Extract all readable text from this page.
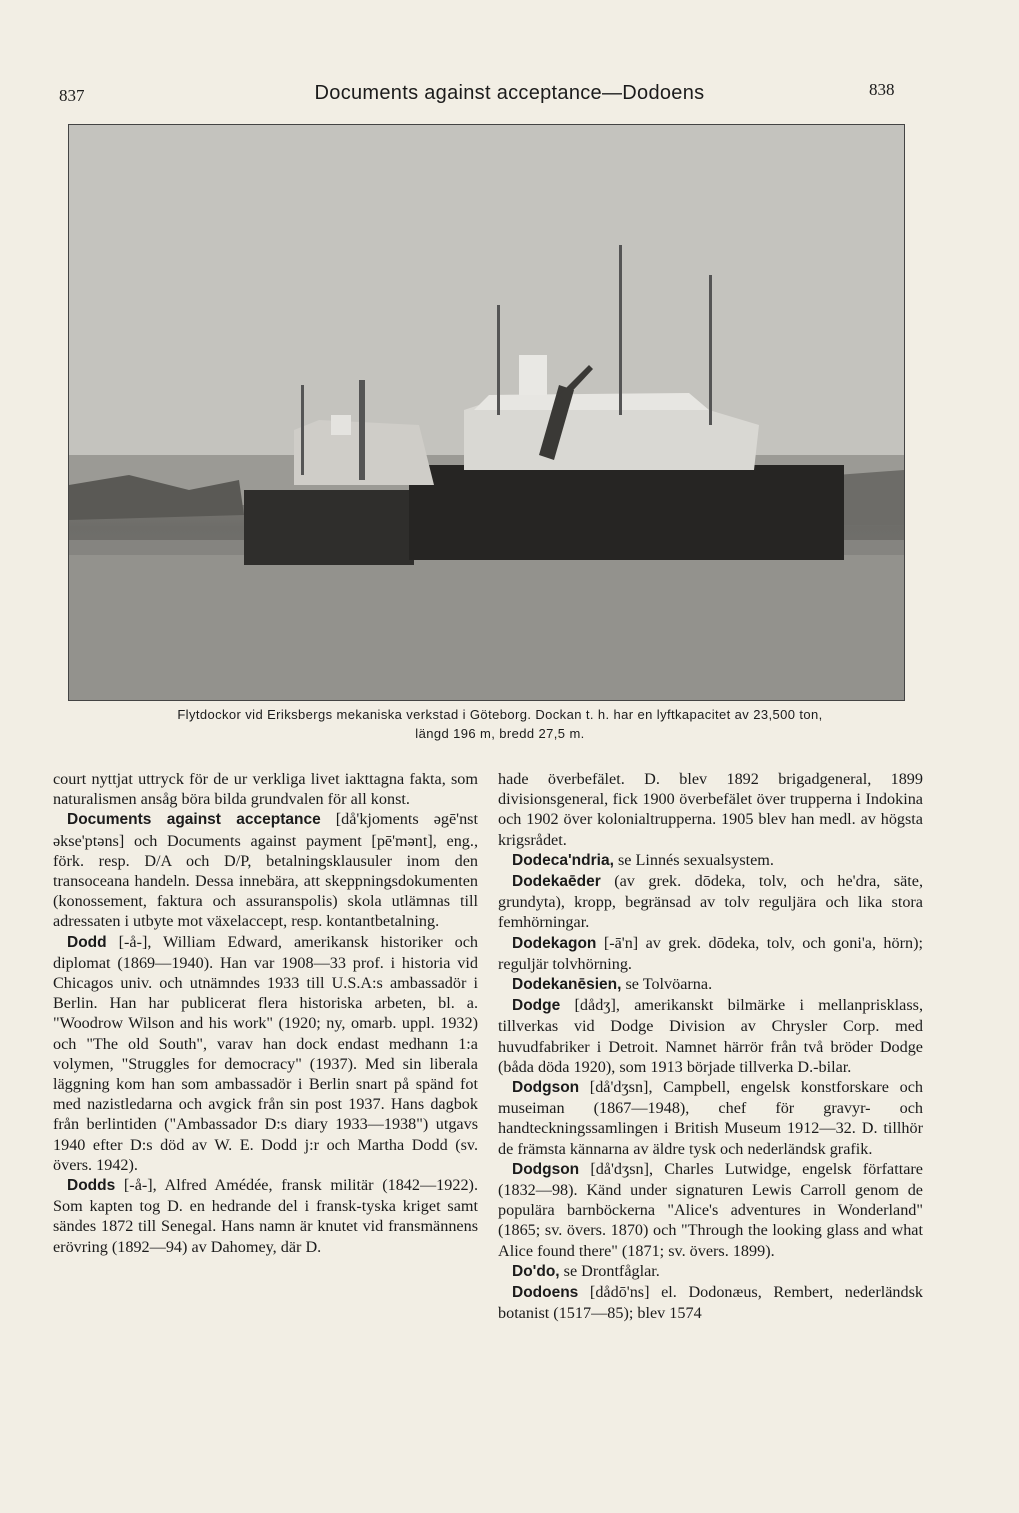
837	Documents against acceptance—Dodoens	838
Flytdockor vid Eriksbergs mekaniska verkstad i Göteborg. Dockan t. h. har en lyftkapacitet av 23,500 ton,
längd 196 m, bredd 27,5 m.

court nyttjat uttryck för de ur verkliga livet iakttagna fakta, som naturalismen ansåg böra bilda grundvalen för all konst.

Documents against acceptance [då'kjoments əgē'nst əkse'ptəns] och Documents against payment [pē'mənt], eng., förk. resp. D/A och D/P, betalningsklausuler inom den transoceana handeln. Dessa innebära, att skeppningsdokumenten (konossement, faktura och assuranspolis) skola utlämnas till adressaten i utbyte mot växelaccept, resp. kontantbetalning.

Dodd [-å-], William Edward, amerikansk historiker och diplomat (1869—1940). Han var 1908—33 prof. i historia vid Chicagos univ. och utnämndes 1933 till U.S.A:s ambassadör i Berlin. Han har publicerat flera historiska arbeten, bl. a. "Woodrow Wilson and his work" (1920; ny, omarb. uppl. 1932) och "The old South", varav han dock endast medhann 1:a volymen, "Struggles for democracy" (1937). Med sin liberala läggning kom han som ambassadör i Berlin snart på spänd fot med nazistledarna och avgick från sin post 1937. Hans dagbok från berlintiden ("Ambassador D:s diary 1933—1938") utgavs 1940 efter D:s död av W. E. Dodd j:r och Martha Dodd (sv. övers. 1942).

Dodds [-å-], Alfred Amédée, fransk militär (1842—1922). Som kapten tog D. en hedrande del i fransk-tyska kriget samt sändes 1872 till Senegal. Hans namn är knutet vid fransmännens erövring (1892—94) av Dahomey, där D.

hade överbefälet. D. blev 1892 brigadgeneral, 1899 divisionsgeneral, fick 1900 överbefälet över trupperna i Indokina och 1902 över kolonialtrupperna. 1905 blev han medl. av högsta krigsrådet.

Dodeca'ndria, se Linnés sexualsystem.

Dodekaēder (av grek. dōdeka, tolv, och he'dra, säte, grundyta), kropp, begränsad av tolv reguljära och lika stora femhörningar.

Dodekagon [-ā'n] av grek. dōdeka, tolv, och goni'a, hörn); reguljär tolvhörning.

Dodekanēsien, se Tolvöarna.

Dodge [dådʒ], amerikanskt bilmärke i mellanprisklass, tillverkas vid Dodge Division av Chrysler Corp. med huvudfabriker i Detroit. Namnet härrör från två bröder Dodge (båda döda 1920), som 1913 började tillverka D.-bilar.

Dodgson [då'dʒsn], Campbell, engelsk konstforskare och museiman (1867—1948), chef för gravyr- och handteckningssamlingen i British Museum 1912—32. D. tillhör de främsta kännarna av äldre tysk och nederländsk grafik.

Dodgson [då'dʒsn], Charles Lutwidge, engelsk författare (1832—98). Känd under signaturen Lewis Carroll genom de populära barnböckerna "Alice's adventures in Wonderland" (1865; sv. övers. 1870) och "Through the looking glass and what Alice found there" (1871; sv. övers. 1899).

Do'do, se Drontfåglar.

Dodoens [dådō'ns] el. Dodonæus, Rembert, nederländsk botanist (1517—85); blev 1574
